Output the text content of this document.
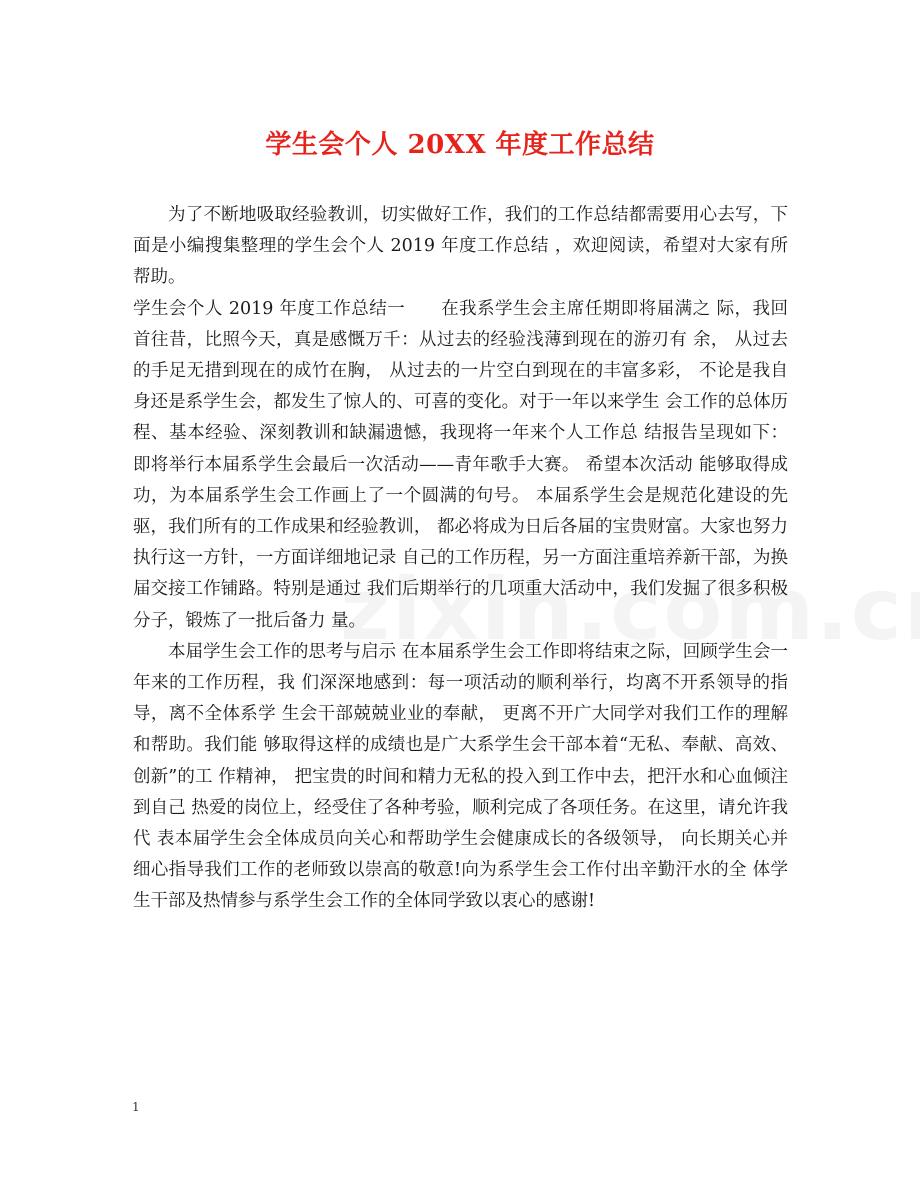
学生会个人 20XX 年度工作总结

为了不断地吸取经验教训，切实做好工作，我们的工作总结都需要用心去写，下面是小编搜集整理的学生会个人 2019 年度工作总结 ，欢迎阅读，希望对大家有所帮助。

学生会个人 2019 年度工作总结一　　在我系学生会主席任期即将届满之 际，我回首往昔，比照今天，真是感慨万千：从过去的经验浅薄到现在的游刃有 余， 从过去的手足无措到现在的成竹在胸， 从过去的一片空白到现在的丰富多彩， 不论是我自身还是系学生会，都发生了惊人的、可喜的变化。对于一年以来学生 会工作的总体历程、基本经验、深刻教训和缺漏遗憾，我现将一年来个人工作总 结报告呈现如下： 即将举行本届系学生会最后一次活动——青年歌手大赛。 希望本次活动 能够取得成功，为本届系学生会工作画上了一个圆满的句号。 本届系学生会是规范化建设的先驱，我们所有的工作成果和经验教训， 都必将成为日后各届的宝贵财富。大家也努力执行这一方针，一方面详细地记录 自己的工作历程，另一方面注重培养新干部，为换届交接工作铺路。特别是通过 我们后期举行的几项重大活动中，我们发掘了很多积极分子，锻炼了一批后备力 量。

本届学生会工作的思考与启示 在本届系学生会工作即将结束之际，回顾学生会一年来的工作历程，我 们深深地感到：每一项活动的顺利举行，均离不开系领导的指导，离不全体系学 生会干部兢兢业业的奉献， 更离不开广大同学对我们工作的理解和帮助。我们能 够取得这样的成绩也是广大系学生会干部本着“无私、奉献、高效、创新”的工 作精神， 把宝贵的时间和精力无私的投入到工作中去，把汗水和心血倾注到自己 热爱的岗位上，经受住了各种考验，顺利完成了各项任务。在这里，请允许我代 表本届学生会全体成员向关心和帮助学生会健康成长的各级领导， 向长期关心并 细心指导我们工作的老师致以崇高的敬意!向为系学生会工作付出辛勤汗水的全 体学生干部及热情参与系学生会工作的全体同学致以衷心的感谢!

1
